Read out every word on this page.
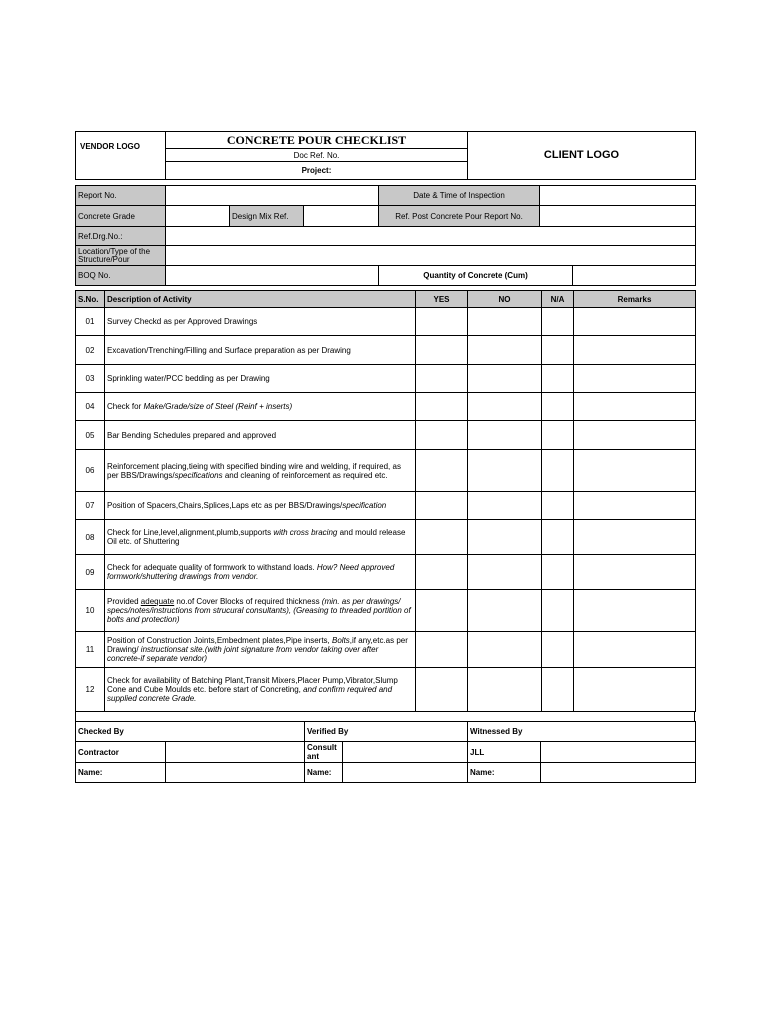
VENDOR LOGO	CONCRETE POUR CHECKLIST	CLIENT LOGO
Doc Ref. No.
Project:
Report No.				Date & Time of Inspection		
Concrete Grade		Design Mix Ref.		Ref. Post Concrete Pour Report No.		
Ref.Drg.No.:						
Location/Type of the Structure/Pour						
BOQ No.				Quantity of Concrete (Cum)		
S.No.	Description of Activity	YES	NO	N/A	Remarks
01	Survey Checkd as per Approved Drawings				
02	Excavation/Trenching/Filling and Surface preparation as per Drawing				
03	Sprinkling water/PCC bedding as per Drawing				
04	Check for Make/Grade/size of Steel (Reinf + inserts)				
05	Bar Bending Schedules prepared and approved				
06	Reinforcement placing,tieing with specified binding wire and welding, if required, as per BBS/Drawings/specifications and cleaning of reinforcement as required etc.				
07	Position of Spacers,Chairs,Splices,Laps etc as per BBS/Drawings/specification				
08	Check for Line,level,alignment,plumb,supports with cross bracing and mould release Oil etc. of Shuttering				
09	Check for adequate quality of formwork to withstand loads. How? Need approved formwork/shuttering drawings from vendor.				
10	Provided adequate no.of Cover Blocks of required thickness (min. as per drawings/ specs/notes/instructions from strucural consultants), (Greasing to threaded portition of bolts and protection)				
11	Position of Construction Joints,Embedment plates,Pipe inserts, Bolts,if any,etc.as per Drawing/ instructionsat site.(with joint signature from vendor taking over after concrete-if separate vendor)				
12	Check for availability of Batching Plant,Transit Mixers,Placer Pump,Vibrator,Slump Cone and Cube Moulds etc. before start of Concreting, and confirm required and supplied concrete Grade.				
Checked By		Verified By		Witnessed By	
Contractor		Consult ant		JLL	
Name:		Name:		Name:	
